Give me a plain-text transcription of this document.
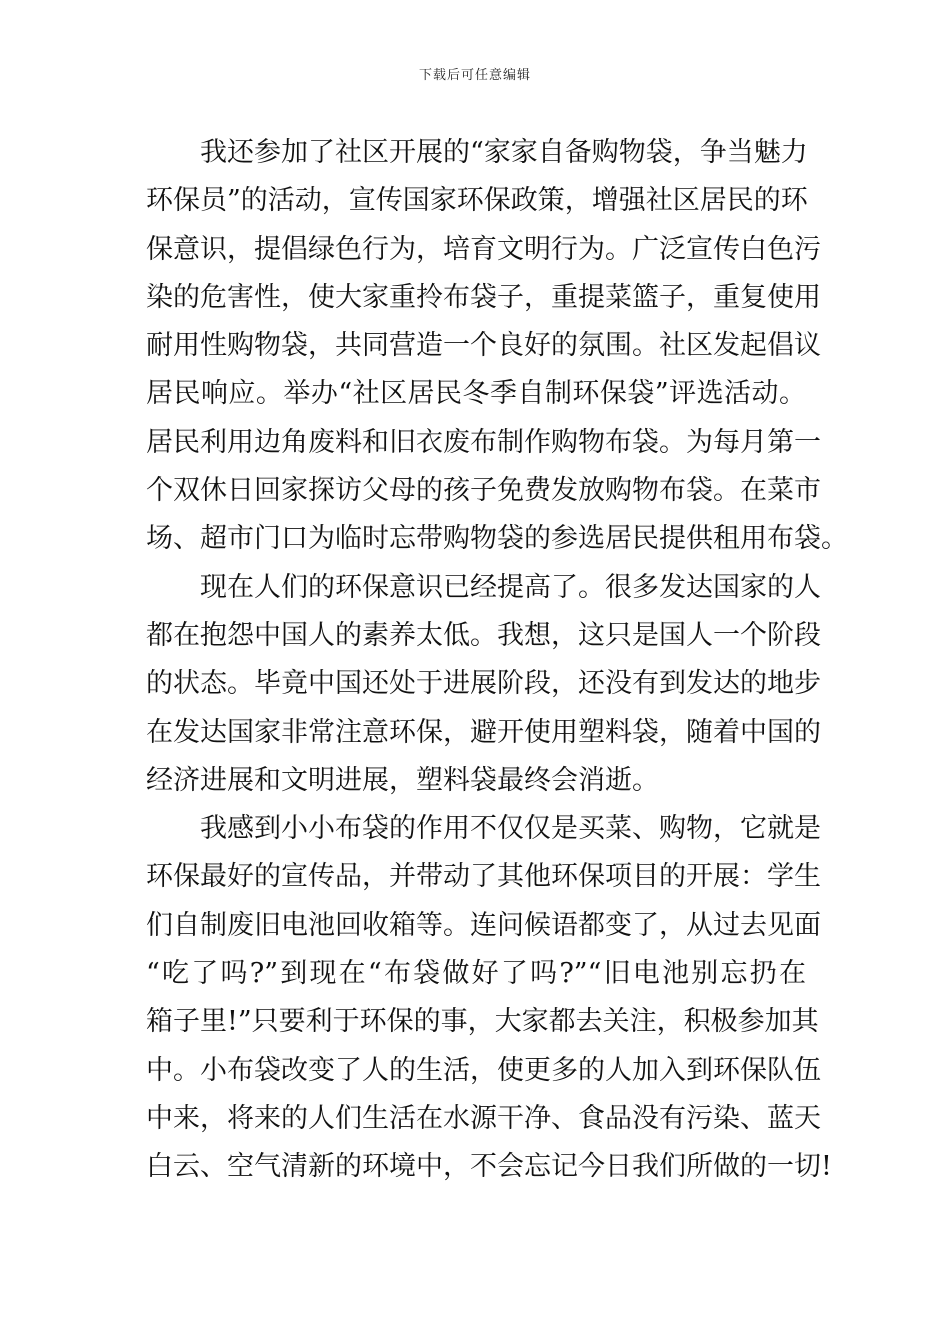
下载后可任意编辑
我还参加了社区开展的“家家自备购物袋，争当魅力
环保员”的活动，宣传国家环保政策，增强社区居民的环
保意识，提倡绿色行为，培育文明行为。广泛宣传白色污
染的危害性，使大家重拎布袋子，重提菜篮子，重复使用
耐用性购物袋，共同营造一个良好的氛围。社区发起倡议
居民响应。举办“社区居民冬季自制环保袋”评选活动。
居民利用边角废料和旧衣废布制作购物布袋。为每月第一
个双休日回家探访父母的孩子免费发放购物布袋。在菜市
场、超市门口为临时忘带购物袋的参选居民提供租用布袋。
现在人们的环保意识已经提高了。很多发达国家的人
都在抱怨中国人的素养太低。我想，这只是国人一个阶段
的状态。毕竟中国还处于进展阶段，还没有到发达的地步
在发达国家非常注意环保，避开使用塑料袋，随着中国的
经济进展和文明进展，塑料袋最终会消逝。
我感到小小布袋的作用不仅仅是买菜、购物，它就是
环保最好的宣传品，并带动了其他环保项目的开展：学生
们自制废旧电池回收箱等。连问候语都变了，从过去见面
“吃了吗?”到现在“布袋做好了吗?”“旧电池别忘扔在
箱子里!”只要利于环保的事，大家都去关注，积极参加其
中。小布袋改变了人的生活，使更多的人加入到环保队伍
中来，将来的人们生活在水源干净、食品没有污染、蓝天
白云、空气清新的环境中，不会忘记今日我们所做的一切!
